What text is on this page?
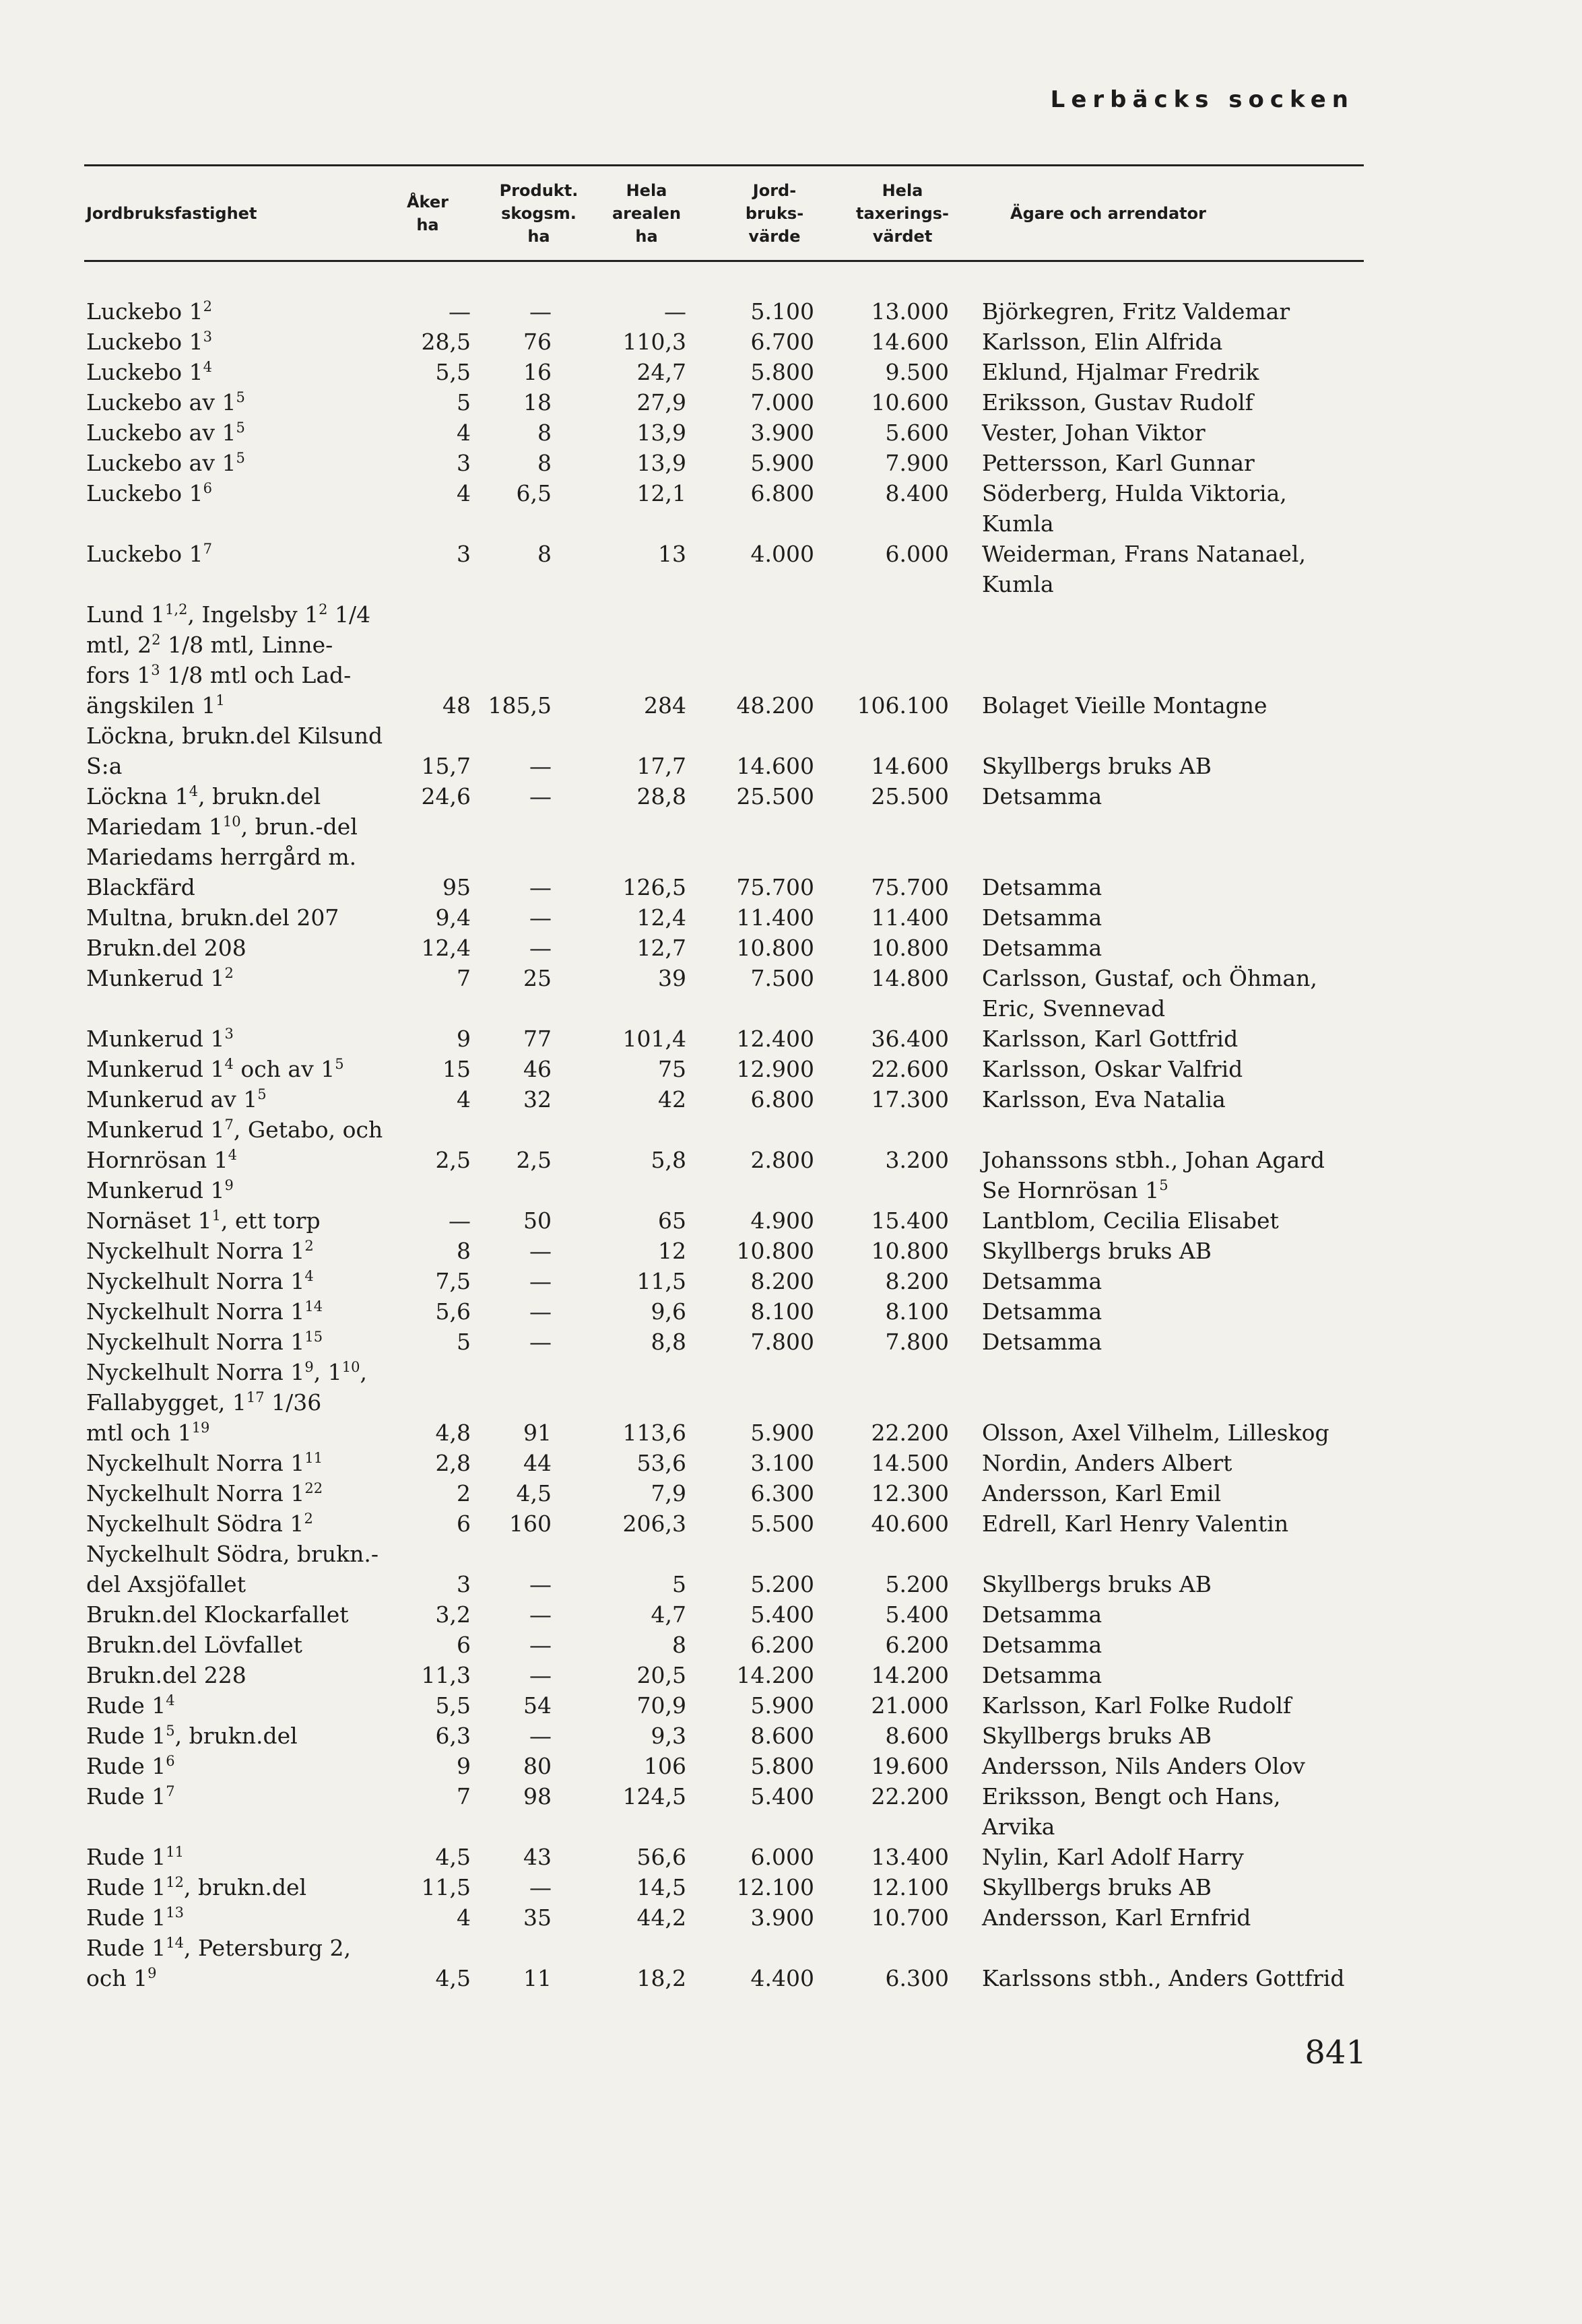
Lerbäcks socken
Jordbruksfastighet
Åker
ha
Produkt.
skogsm.
ha
Hela
arealen
ha
Jord-
bruks-
värde
Hela
taxerings-
värdet
Ägare och arrendator
Luckebo $1^2$	—	—	—	5.100	13.000 Björkegren, Fritz Valdemar
Luckebo $1^3$	28,5 76	110,3	6.700	14.600 Karlsson, Elin Alfrida
Luckebo $1^4$	5,5 16	24,7	5.800	9.500 Eklund, Hjalmar Fredrik
Luckebo av $1^5$	5 18	27,9	7.000	10.600 Eriksson, Gustav Rudolf
Luckebo av $1^5$	4	8	13,9	3.900	5.600 Vester, Johan Viktor
Luckebo av $1^5$	3	8	13,9	5.900	7.900 Pettersson, Karl Gunnar
Luckebo $1^6$	4 6,5	12,1	6.800	8.400 Söderberg, Hulda Viktoria,
Kumla
Luckebo $1^7$	3	8	13	4.000	6.000 Weiderman, Frans Natanael,
Kumla
Lund 1$^{1,2}$, Ingelsby $1^2$ 1/4
mtl, $2^2$ 1/8 mtl, Linne-
fors $1^3$ 1/8 mtl och Lad-
ängskilen $1^1$	48 185,5	284 48.200 106.100 Bolaget Vieille Montagne
Löckna, brukn.del Kilsund
S:a	15,7	—	17,7 14.600	14.600 Skyllbergs bruks AB
Löckna $1^4$, brukn.del	24,6	—	28,8 25.500	25.500 Detsamma
Mariedam $1^{10}$, brun.-del
Mariedams herrgård m.
Blackfärd	95	—	126,5 75.700	75.700 Detsamma
Multna, brukn.del 207	9,4	—	12,4 11.400	11.400 Detsamma
Brukn.del 208	12,4	—	12,7 10.800	10.800 Detsamma
Munkerud $1^2$	7 25	39	7.500	14.800 Carlsson, Gustaf, och Öhman,
Eric, Svennevad
Munkerud $1^3$	9 77	101,4 12.400	36.400 Karlsson, Karl Gottfrid
Munkerud $1^4$ och av $1^5$	15 46	75 12.900	22.600 Karlsson, Oskar Valfrid
Munkerud av $1^5$	4 32	42	6.800	17.300 Karlsson, Eva Natalia
Munkerud $1^7$, Getabo, och
Hornrösan $1^4$	2,5 2,5	5,8	2.800	3.200 Johanssons stbh., Johan Agard
Munkerud $1^9$	Se Hornrösan $1^5$
Nornäset $1^1$, ett torp	— 50	65	4.900	15.400 Lantblom, Cecilia Elisabet
Nyckelhult Norra $1^2$	8	—	12 10.800	10.800 Skyllbergs bruks AB
Nyckelhult Norra $1^4$	7,5	—	11,5	8.200	8.200 Detsamma
Nyckelhult Norra $1^{14}$	5,6	—	9,6	8.100	8.100 Detsamma
Nyckelhult Norra $1^{15}$	5	—	8,8	7.800	7.800 Detsamma
Nyckelhult Norra $1^9$, $1^{10}$,
Fallabygget, $1^{17}$ 1/36
mtl och $1^{19}$	4,8 91	113,6	5.900	22.200 Olsson, Axel Vilhelm, Lilleskog
Nyckelhult Norra $1^{11}$	2,8 44	53,6	3.100	14.500 Nordin, Anders Albert
Nyckelhult Norra $1^{22}$	2 4,5	7,9	6.300	12.300 Andersson, Karl Emil
Nyckelhult Södra $1^2$	6 160	206,3	5.500	40.600 Edrell, Karl Henry Valentin
Nyckelhult Södra, brukn.-
del Axsjöfallet	3	—	5	5.200	5.200 Skyllbergs bruks AB
Brukn.del Klockarfallet	3,2	—	4,7	5.400	5.400 Detsamma
Brukn.del Lövfallet	6	—	8	6.200	6.200 Detsamma
Brukn.del 228	11,3	—	20,5 14.200	14.200 Detsamma
Rude $1^4$	5,5 54	70,9	5.900	21.000 Karlsson, Karl Folke Rudolf
Rude $1^5$, brukn.del	6,3	—	9,3	8.600	8.600 Skyllbergs bruks AB
Rude $1^6$	9 80	106	5.800	19.600 Andersson, Nils Anders Olov
Rude $1^7$	7 98	124,5	5.400	22.200 Eriksson, Bengt och Hans,
Arvika
Rude $1^{11}$	4,5 43	56,6	6.000	13.400 Nylin, Karl Adolf Harry
Rude $1^{12}$, brukn.del	11,5	—	14,5 12.100	12.100 Skyllbergs bruks AB
Rude $1^{13}$	4 35	44,2	3.900	10.700 Andersson, Karl Ernfrid
Rude $1^{14}$, Petersburg 2,
och $1^9$	4,5 11	18,2	4.400	6.300 Karlssons stbh., Anders Gottfrid
841
